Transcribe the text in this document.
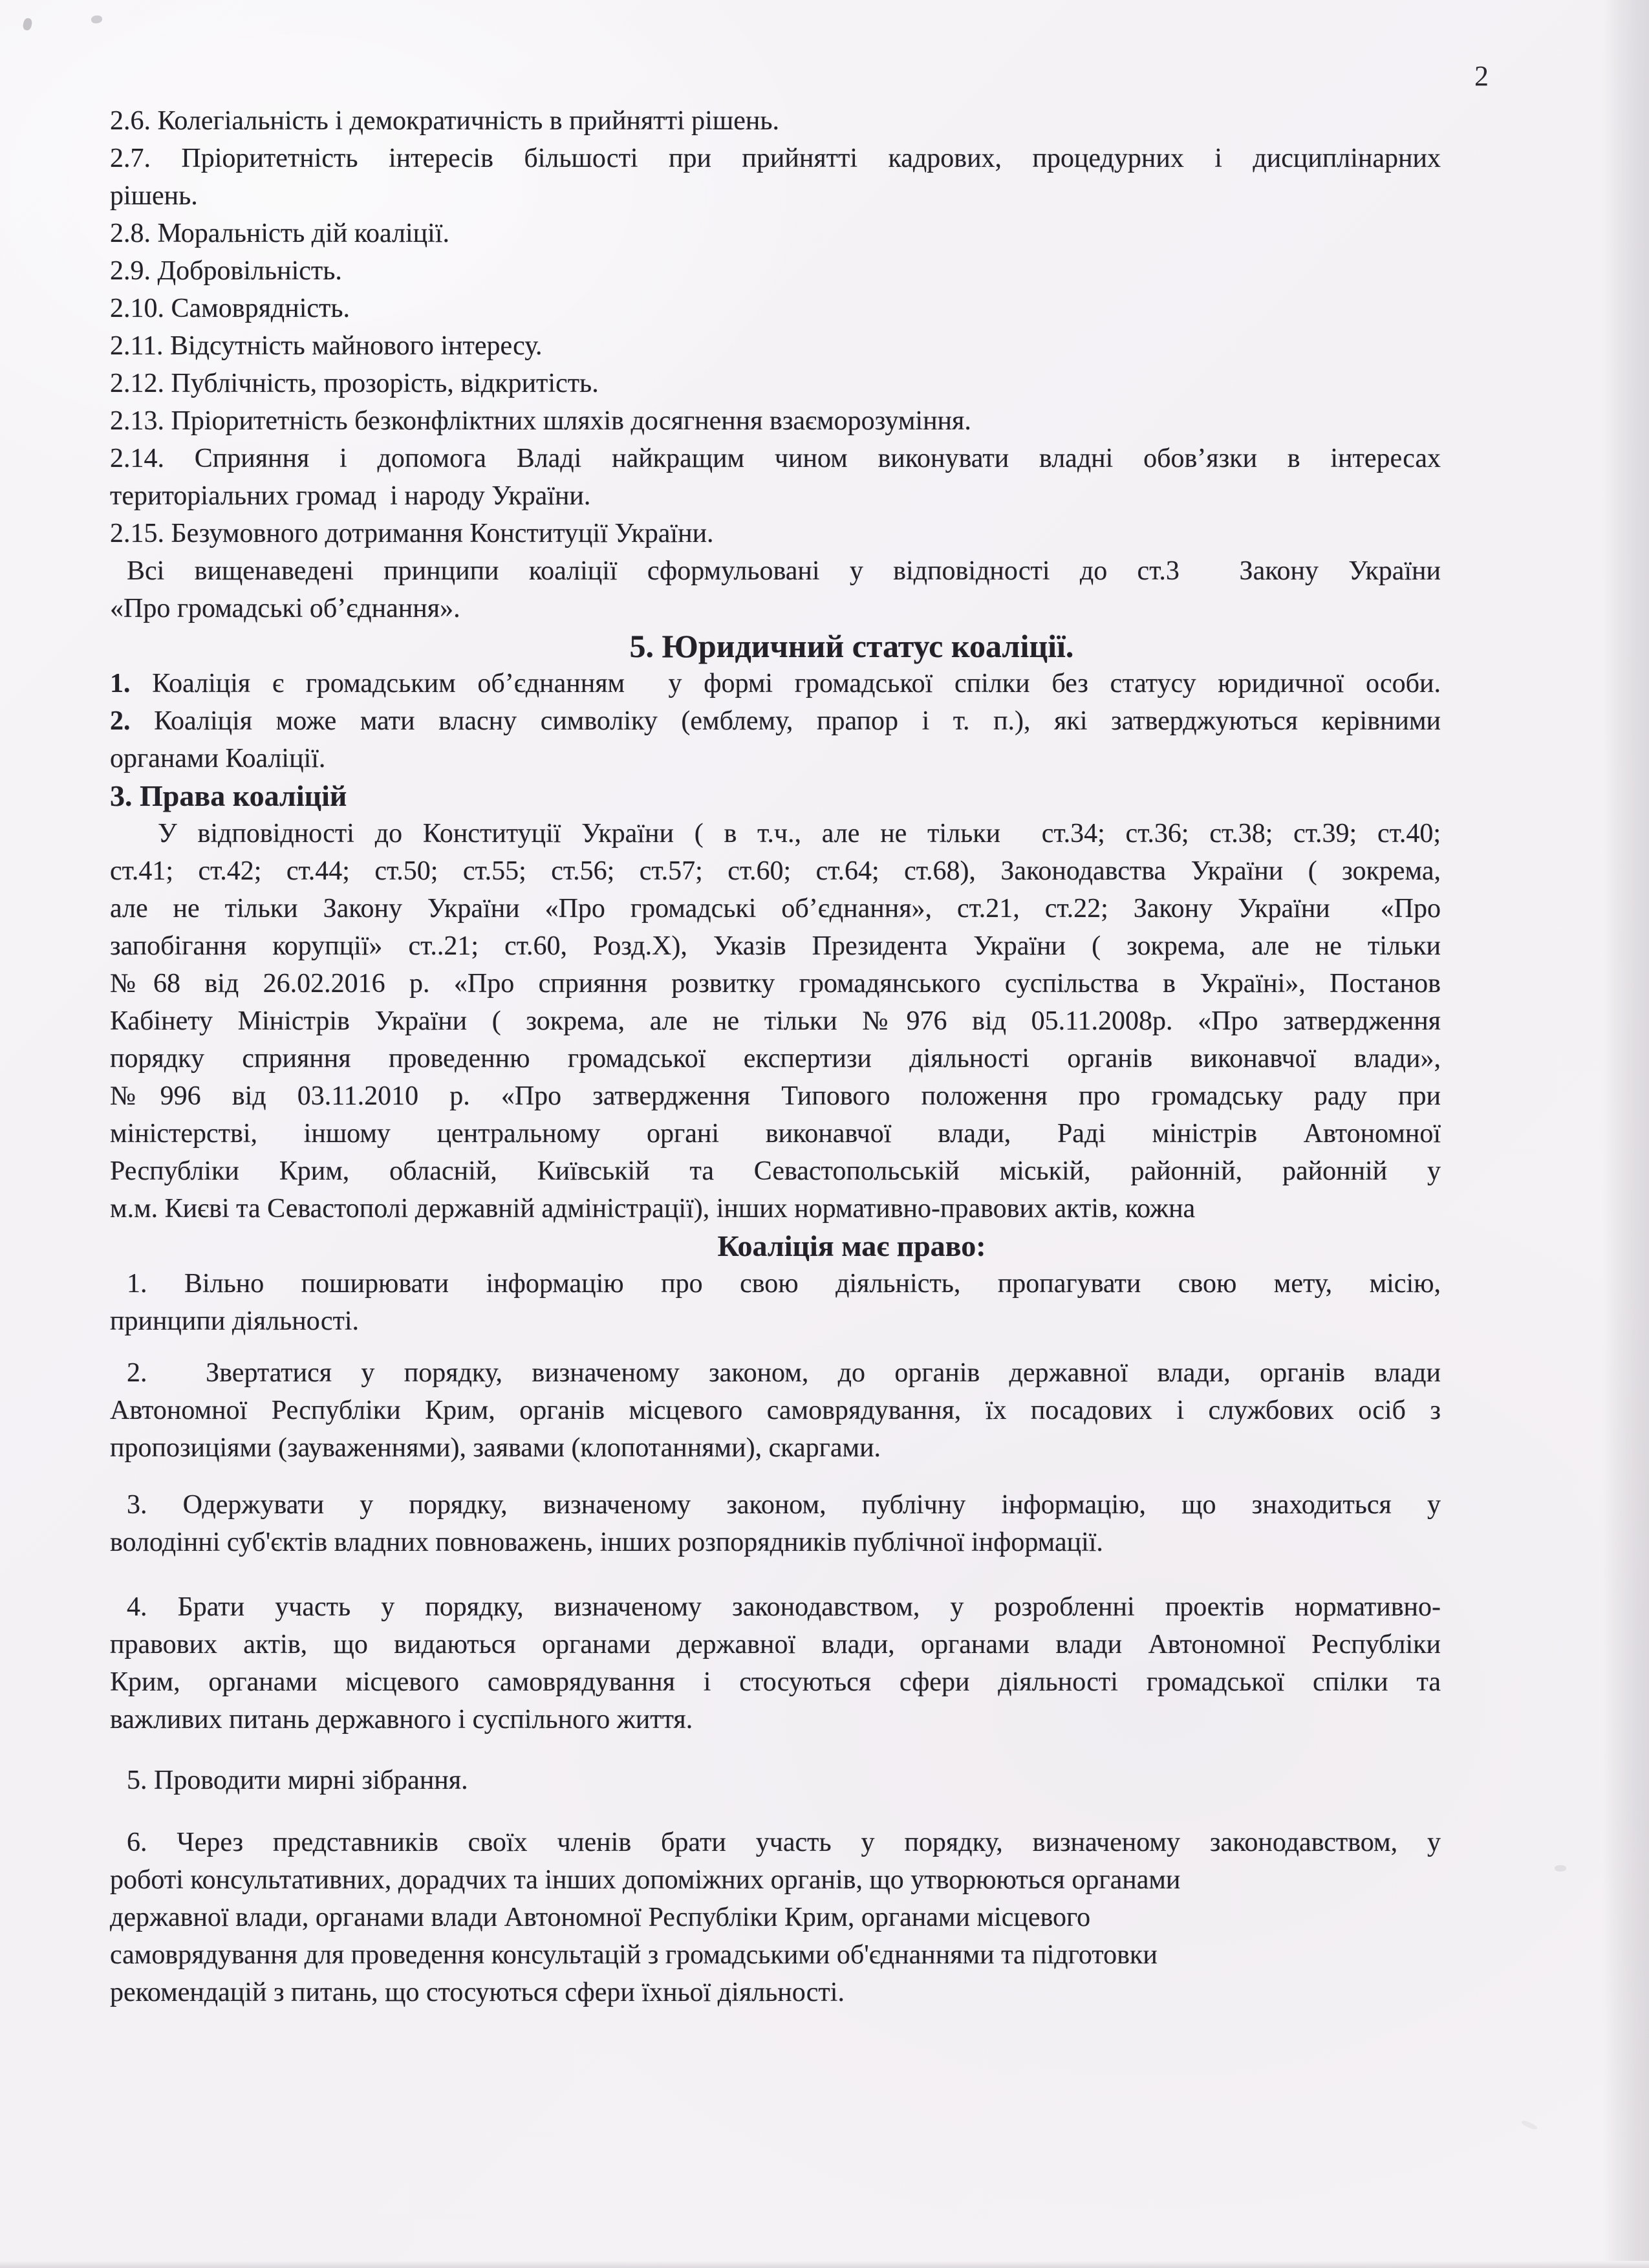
2
2.6. Колегіальність і демократичність в прийнятті рішень.
2.7. Пріоритетність інтересів більшості при прийнятті кадрових, процедурних і дисциплінарних
рішень.
2.8. Моральність дій коаліції.
2.9. Добровільність.
2.10. Самоврядність.
2.11. Відсутність майнового інтересу.
2.12. Публічність, прозорість, відкритість.
2.13. Пріоритетність безконфліктних шляхів досягнення взаєморозуміння.
2.14. Сприяння і допомога Владі найкращим чином виконувати владні обов’язки в інтересах
територіальних громад  і народу України.
2.15. Безумовного дотримання Конституції України.
Всі вищенаведені принципи коаліції сформульовані у відповідності до ст.3  Закону України
«Про громадські об’єднання».
5. Юридичний статус коаліції.
1. Коаліція є громадським об’єднанням  у формі громадської спілки без статусу юридичної особи.
2. Коаліція може мати власну символіку (емблему, прапор і т. п.), які затверджуються керівними
органами Коаліції.
3. Права коаліцій
У відповідності до Конституції України ( в т.ч., але не тільки  ст.34; ст.36; ст.38; ст.39; ст.40;
ст.41; ст.42; ст.44; ст.50; ст.55; ст.56; ст.57; ст.60; ст.64; ст.68), Законодавства України ( зокрема,
але не тільки Закону України «Про громадські об’єднання», ст.21, ст.22; Закону України  «Про
запобігання корупції» ст..21; ст.60, Розд.Х), Указів Президента України ( зокрема, але не тільки
№68 від 26.02.2016 р. «Про сприяння розвитку громадянського суспільства в Україні», Постанов
Кабінету Міністрів України ( зокрема, але не тільки №976 від 05.11.2008р. «Про затвердження
порядку сприяння проведенню громадської експертизи діяльності органів виконавчої влади»,
№996 від 03.11.2010 р. «Про затвердження Типового положення про громадську раду при
міністерстві, іншому центральному органі виконавчої влади, Раді міністрів Автономної
Республіки Крим, обласній, Київській та Севастопольській міській, районній, районній у
м.м. Києві та Севастополі державній адміністрації), інших нормативно-правових актів, кожна
Коаліція має право:
1. Вільно поширювати інформацію про свою діяльність, пропагувати свою мету, місію,
принципи діяльності.
2.  Звертатися у порядку, визначеному законом, до органів державної влади, органів влади
Автономної Республіки Крим, органів місцевого самоврядування, їх посадових і службових осіб з
пропозиціями (зауваженнями), заявами (клопотаннями), скаргами.
3. Одержувати у порядку, визначеному законом, публічну інформацію, що знаходиться у
володінні суб'єктів владних повноважень, інших розпорядників публічної інформації.
4. Брати участь у порядку, визначеному законодавством, у розробленні проектів нормативно-
правових актів, що видаються органами державної влади, органами влади Автономної Республіки
Крим, органами місцевого самоврядування і стосуються сфери діяльності громадської спілки та
важливих питань державного і суспільного життя.
5. Проводити мирні зібрання.
6. Через представників своїх членів брати участь у порядку, визначеному законодавством, у
роботі консультативних, дорадчих та інших допоміжних органів, що утворюються органами
державної влади, органами влади Автономної Республіки Крим, органами місцевого
самоврядування для проведення консультацій з громадськими об'єднаннями та підготовки
рекомендацій з питань, що стосуються сфери їхньої діяльності.
